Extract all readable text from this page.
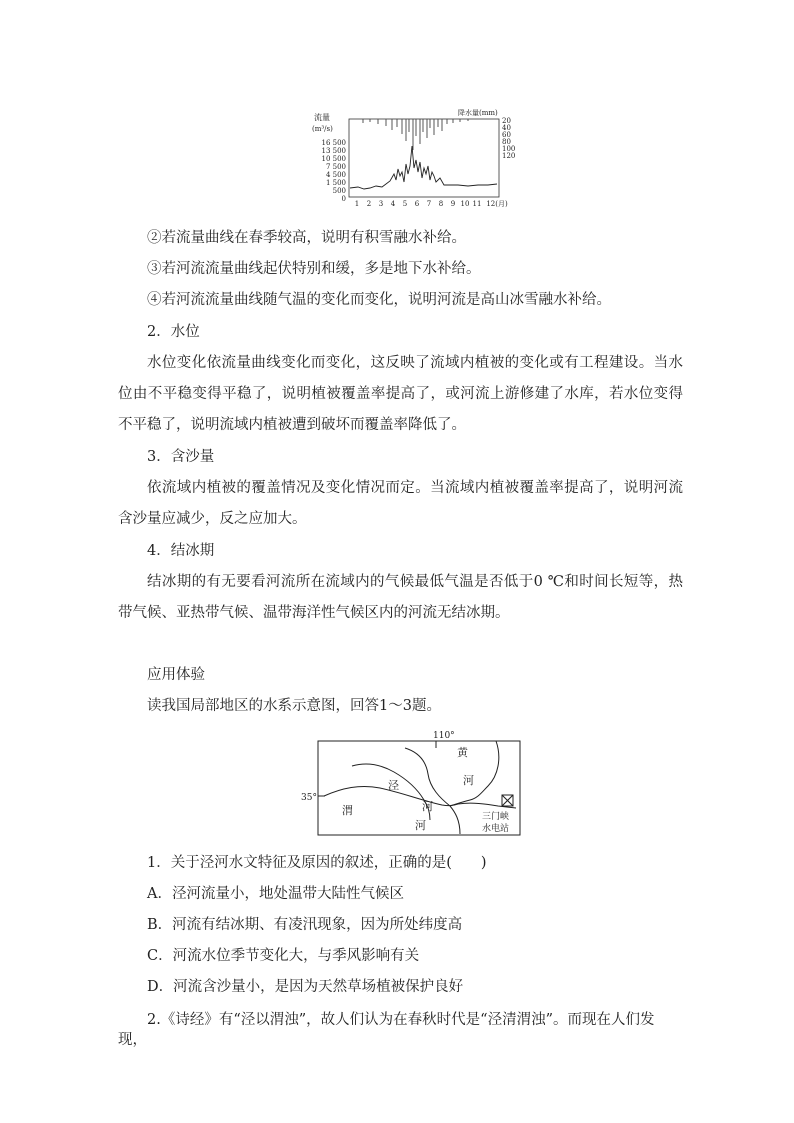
流量
(m³/s)
降水量(mm)
16 500
13 500
10 500
7 500
4 500
1 500
500
0
20
40
60
80
100
120
1 2 3 4 5 6 7 8 9 10 11 12(月)

②若流量曲线在春季较高，说明有积雪融水补给。

③若河流流量曲线起伏特别和缓，多是地下水补给。

④若河流流量曲线随气温的变化而变化，说明河流是高山冰雪融水补给。

2．水位

水位变化依流量曲线变化而变化，这反映了流域内植被的变化或有工程建设。当水位由不平稳变得平稳了，说明植被覆盖率提高了，或河流上游修建了水库，若水位变得不平稳了，说明流域内植被遭到破坏而覆盖率降低了。

3．含沙量

依流域内植被的覆盖情况及变化情况而定。当流域内植被覆盖率提高了，说明河流含沙量应减少，反之应加大。

4．结冰期

结冰期的有无要看河流所在流域内的气候最低气温是否低于0 ℃和时间长短等，热带气候、亚热带气候、温带海洋性气候区内的河流无结冰期。

应用体验

读我国局部地区的水系示意图，回答1～3题。

110°
35°
黄
河
泾
河
渭
河
三门峡
水电站

1．关于泾河水文特征及原因的叙述，正确的是(　　)

A．泾河流量小，地处温带大陆性气候区

B．河流有结冰期、有凌汛现象，因为所处纬度高

C．河流水位季节变化大，与季风影响有关

D．河流含沙量小，是因为天然草场植被保护良好

2.《诗经》有“泾以渭浊”，故人们认为在春秋时代是“泾清渭浊”。而现在人们发现，
